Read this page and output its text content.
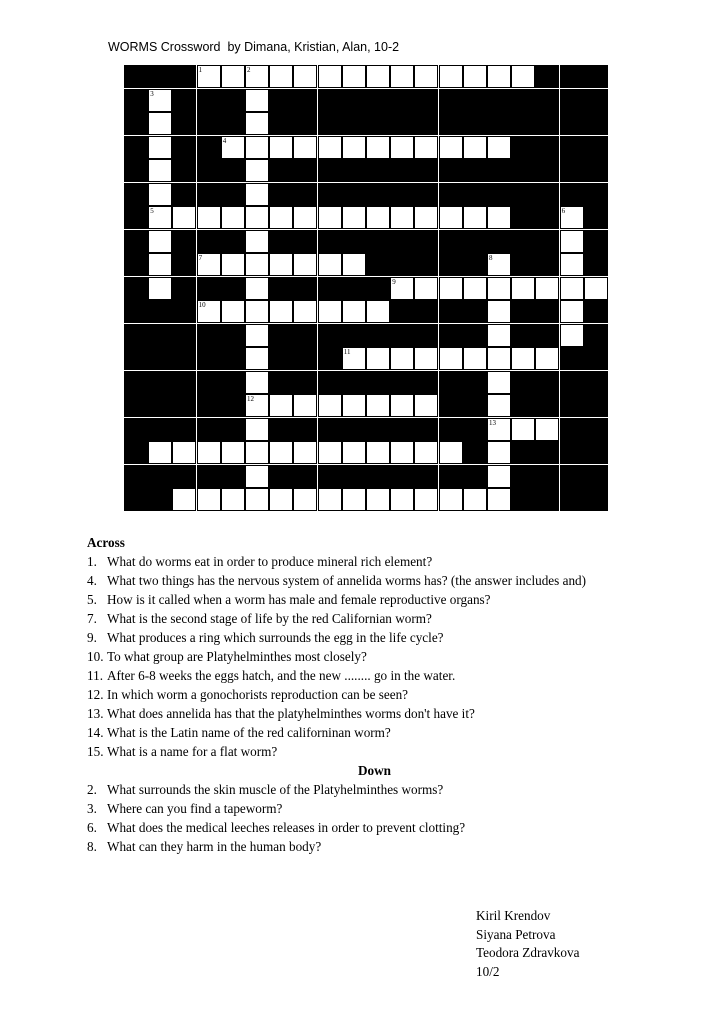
WORMS Crossword  by Dimana, Kristian, Alan, 10-2
1	2
3
4
5	6
7	8
9
10
11
12
13
14
15
Across
1. What do worms eat in order to produce mineral rich element?
4. What two things has the nervous system of annelida worms has? (the answer includes and)
5. How is it called when a worm has male and female reproductive organs?
7. What is the second stage of life by the red Californian worm?
9. What produces a ring which surrounds the egg in the life cycle?
10. To what group are Platyhelminthes most closely?
11. After 6-8 weeks the eggs hatch, and the new ........ go in the water.
12. In which worm a gonochorists reproduction can be seen?
13. What does annelida has that the platyhelminthes worms don't have it?
14. What is the Latin name of the red californinan worm?
15. What is a name for a flat worm?
Down
2. What surrounds the skin muscle of the Platyhelminthes worms?
3. Where can you find a tapeworm?
6. What does the medical leeches releases in order to prevent clotting?
8. What can they harm in the human body?
Kiril Krendov
Siyana Petrova
Teodora Zdravkova
10/2
